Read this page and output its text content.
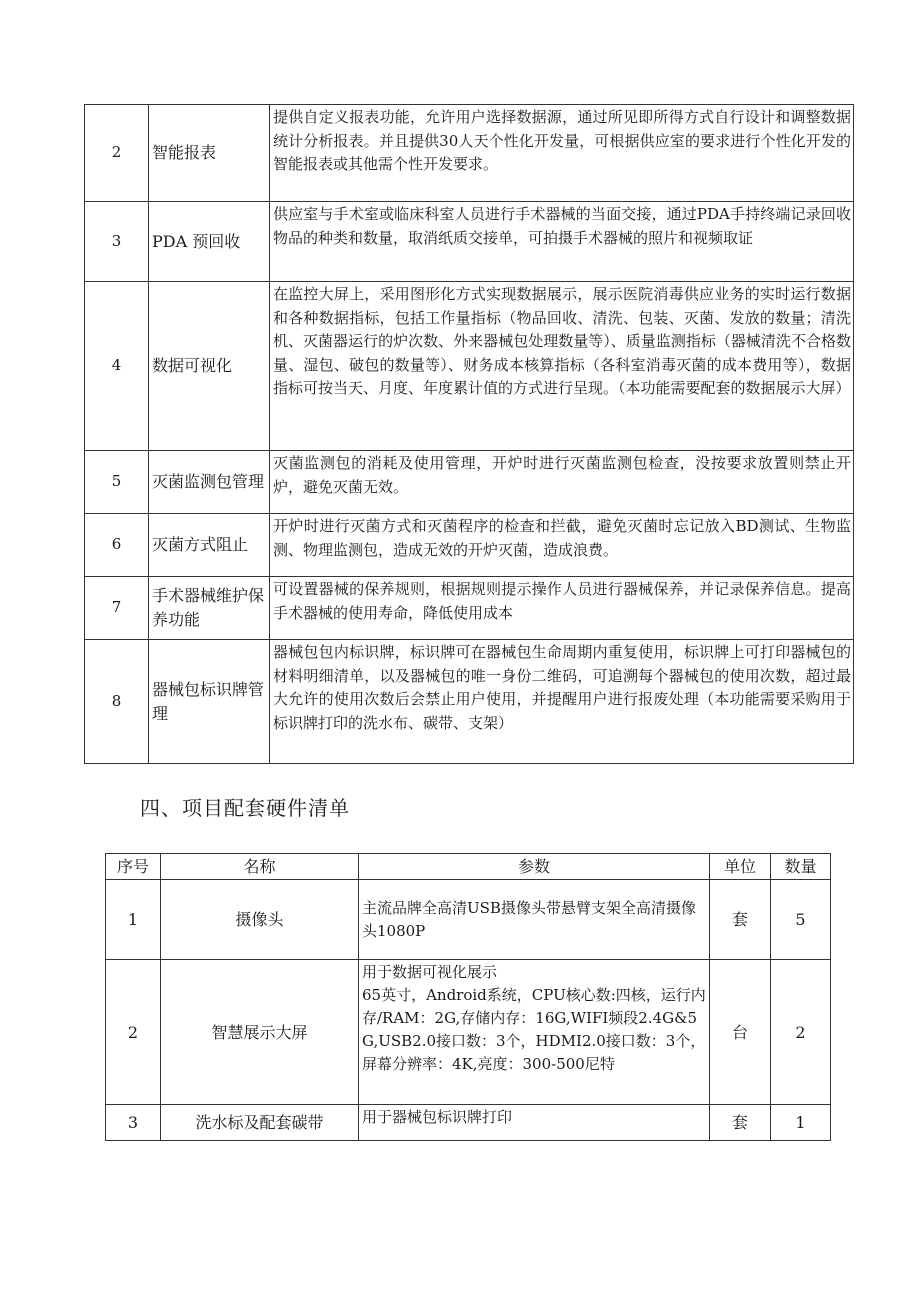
2	智能报表	提供自定义报表功能，允许用户选择数据源，通过所见即所得方式自行设计和调整数据统计分析报表。并且提供30人天个性化开发量，可根据供应室的要求进行个性化开发的智能报表或其他需个性开发要求。
3	PDA 预回收	供应室与手术室或临床科室人员进行手术器械的当面交接，通过PDA手持终端记录回收物品的种类和数量，取消纸质交接单，可拍摄手术器械的照片和视频取证
4	数据可视化	在监控大屏上，采用图形化方式实现数据展示，展示医院消毒供应业务的实时运行数据和各种数据指标，包括工作量指标（物品回收、清洗、包装、灭菌、发放的数量；清洗机、灭菌器运行的炉次数、外来器械包处理数量等）、质量监测指标（器械清洗不合格数量、湿包、破包的数量等）、财务成本核算指标（各科室消毒灭菌的成本费用等），数据指标可按当天、月度、年度累计值的方式进行呈现。（本功能需要配套的数据展示大屏）
5	灭菌监测包管理	灭菌监测包的消耗及使用管理，开炉时进行灭菌监测包检查，没按要求放置则禁止开炉，避免灭菌无效。
6	灭菌方式阻止	开炉时进行灭菌方式和灭菌程序的检查和拦截，避免灭菌时忘记放入BD测试、生物监测、物理监测包，造成无效的开炉灭菌，造成浪费。
7	手术器械维护保养功能	可设置器械的保养规则，根据规则提示操作人员进行器械保养，并记录保养信息。提高手术器械的使用寿命，降低使用成本
8	器械包标识牌管理	器械包包内标识牌，标识牌可在器械包生命周期内重复使用，标识牌上可打印器械包的材料明细清单，以及器械包的唯一身份二维码，可追溯每个器械包的使用次数，超过最大允许的使用次数后会禁止用户使用，并提醒用户进行报废处理（本功能需要采购用于标识牌打印的洗水布、碳带、支架）
四、项目配套硬件清单
序号	名称	参数	单位	数量
1	摄像头	主流品牌全高清USB摄像头带悬臂支架全高清摄像头1080P	套	5
2	智慧展示大屏	用于数据可视化展示
65英寸，Android系统，CPU核心数:四核，运行内存/RAM：2G,存储内存：16G,WIFI频段2.4G&5G,USB2.0接口数：3个，HDMI2.0接口数：3个，屏幕分辨率：4K,亮度：300-500尼特	台	2
3	洗水标及配套碳带	用于器械包标识牌打印	套	1
